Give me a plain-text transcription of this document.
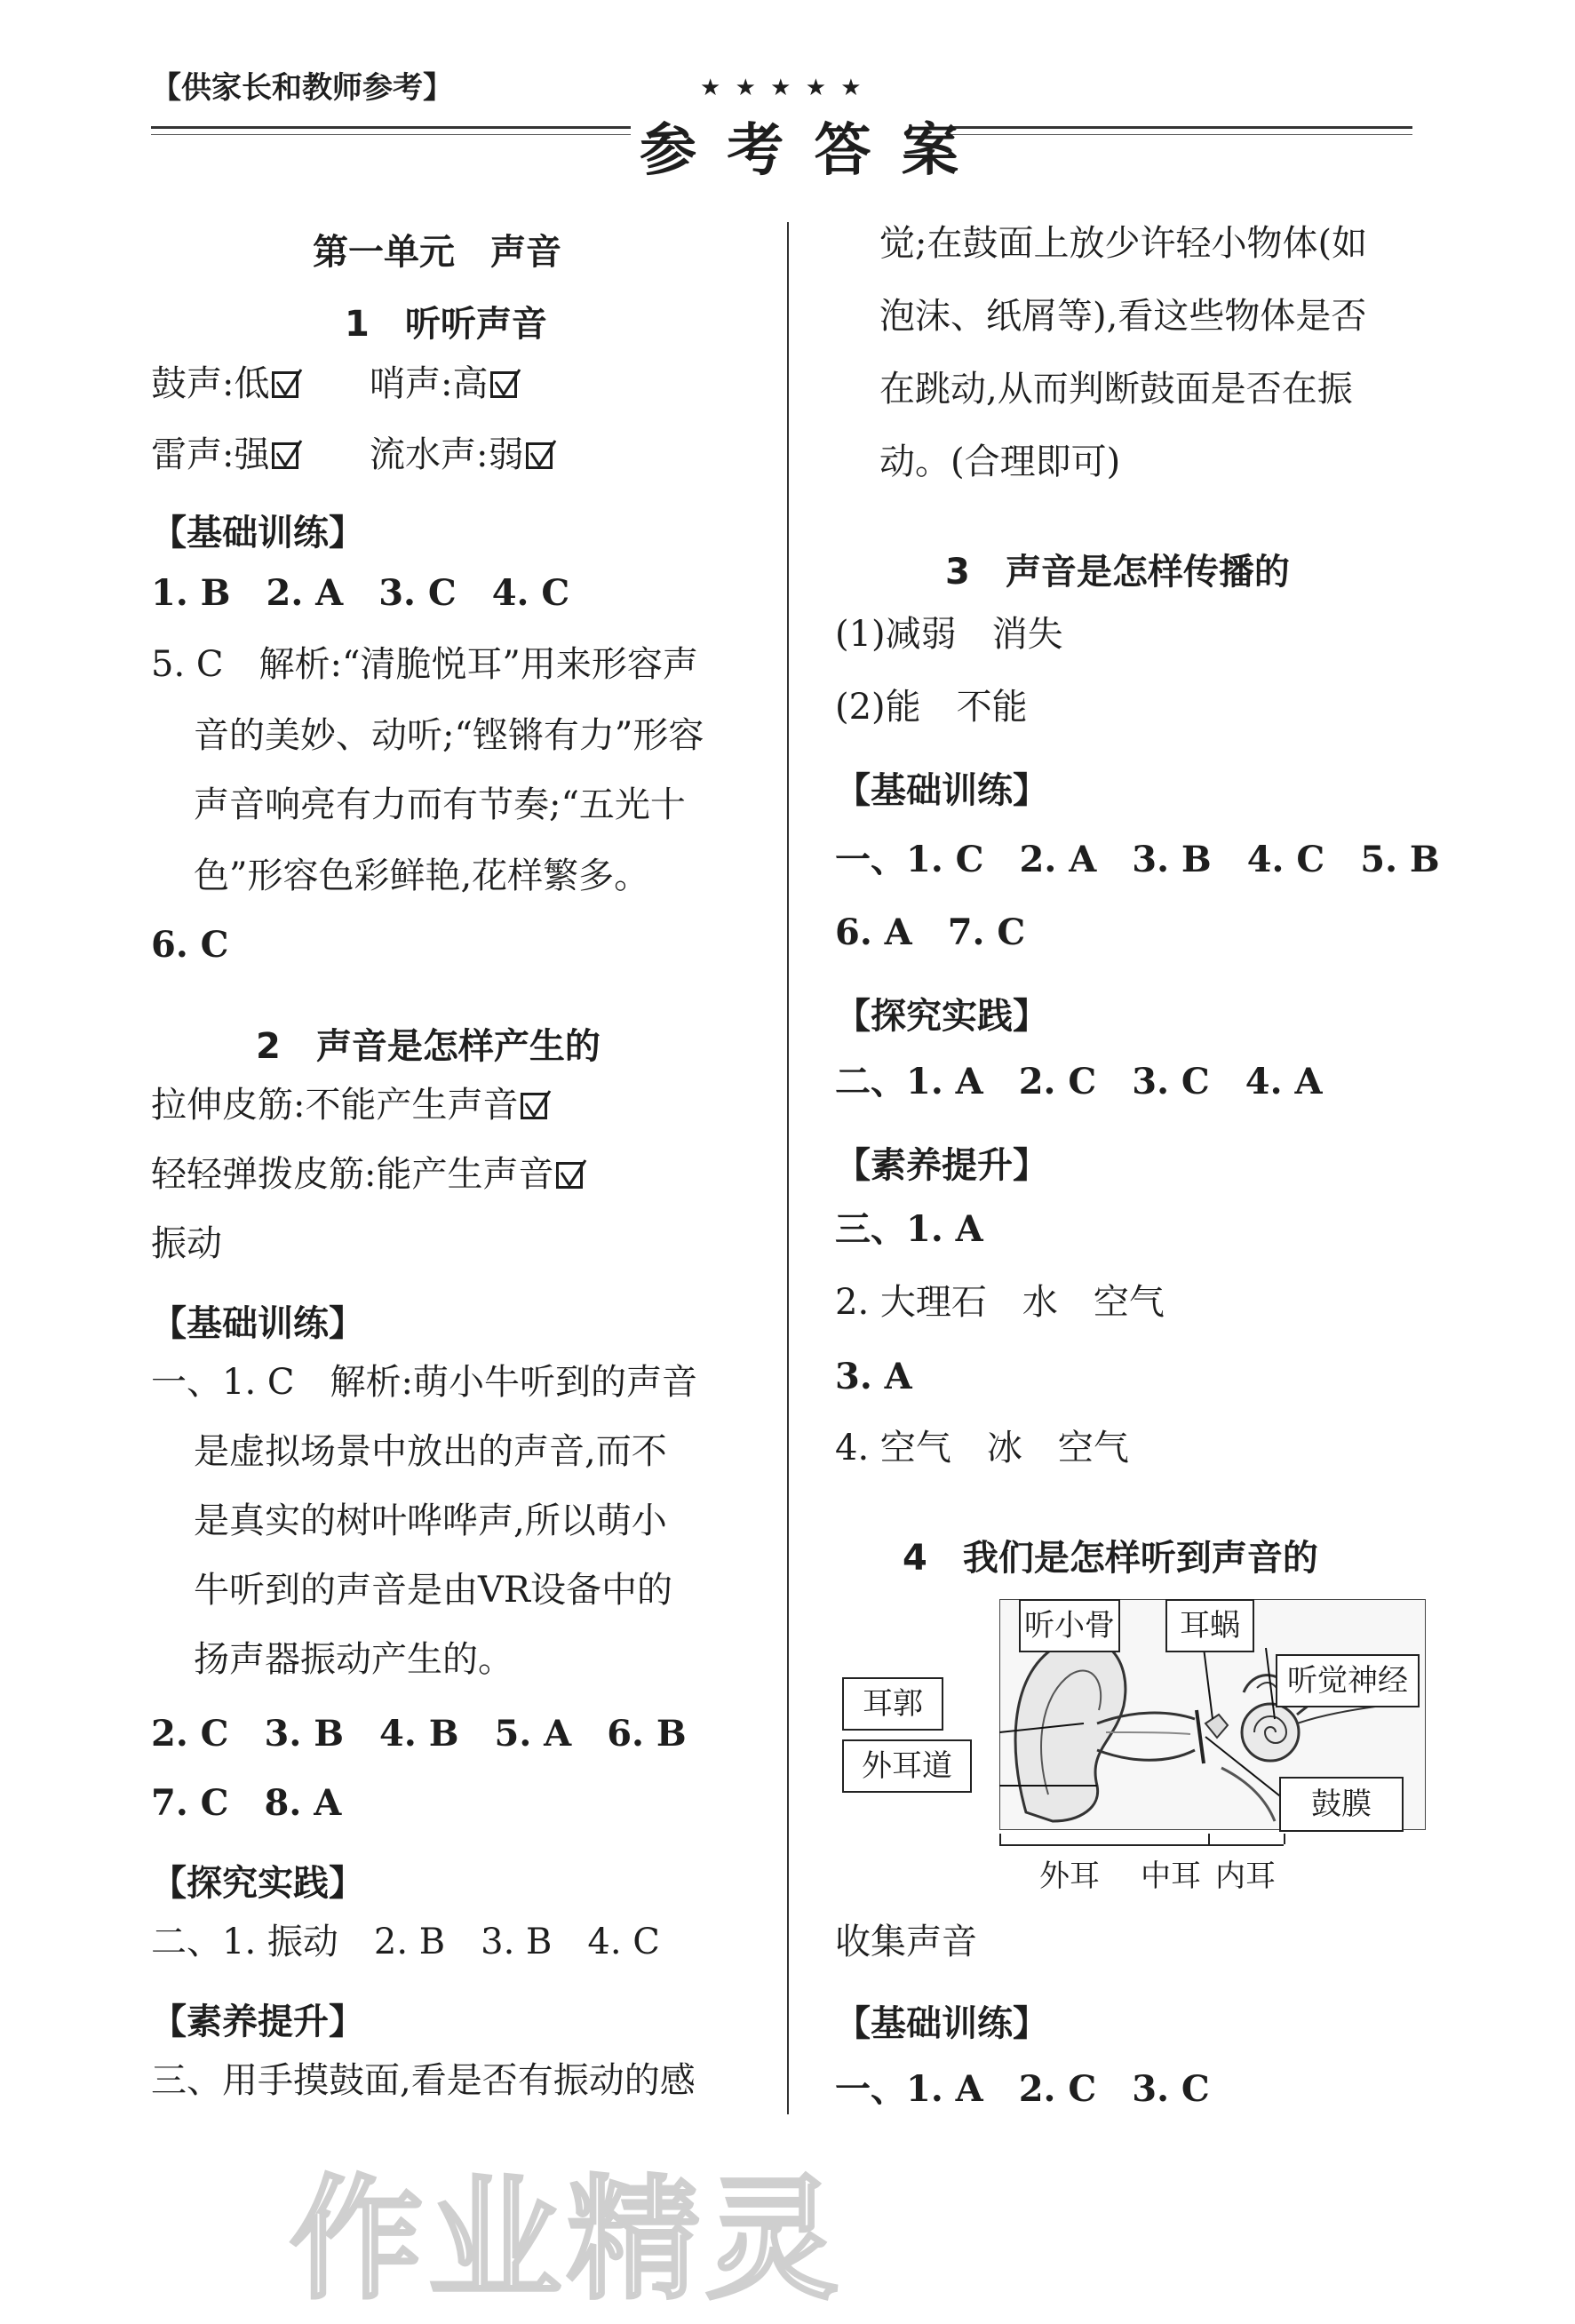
【供家长和教师参考】	★ ★ ★ ★ ★
参 考 答 案
第一单元　声音
1　听听声音
鼓声:低	哨声:高
雷声:强	流水声:弱
【基础训练】
1. B　2. A　3. C　4. C
5. C　解析:“清脆悦耳”用来形容声
音的美妙、动听;“铿锵有力”形容
声音响亮有力而有节奏;“五光十
色”形容色彩鲜艳,花样繁多。
6. C
2　声音是怎样产生的
拉伸皮筋:不能产生声音
轻轻弹拨皮筋:能产生声音
振动
【基础训练】
一、1. C　解析:萌小牛听到的声音
是虚拟场景中放出的声音,而不
是真实的树叶哗哗声,所以萌小
牛听到的声音是由VR设备中的
扬声器振动产生的。
2. C　3. B　4. B　5. A　6. B
7. C　8. A
【探究实践】
二、1. 振动　2. B　3. B　4. C
【素养提升】
三、用手摸鼓面,看是否有振动的感
觉;在鼓面上放少许轻小物体(如
泡沫、纸屑等),看这些物体是否
在跳动,从而判断鼓面是否在振
动。(合理即可)
3　声音是怎样传播的
(1)减弱　消失
(2)能　不能
【基础训练】
一、1. C　2. A　3. B　4. C　5. B
6. A　7. C
【探究实践】
二、1. A　2. C　3. C　4. A
【素养提升】
三、1. A
2. 大理石　水　空气
3. A
4. 空气　冰　空气
4　我们是怎样听到声音的
听小骨	耳蜗
听觉神经
耳郭
外耳道
鼓膜
外耳 中耳 内耳
收集声音
【基础训练】
一、1. A　2. C　3. C
作业精灵
